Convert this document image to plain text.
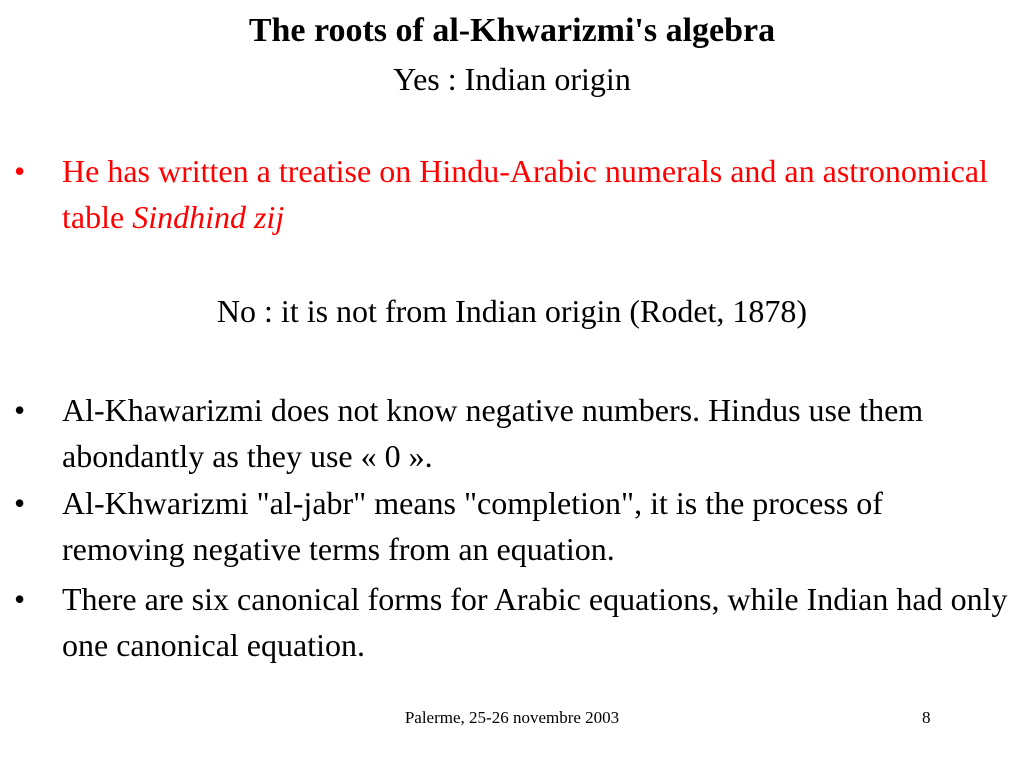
The roots of al-Khwarizmi's algebra
Yes : Indian origin
• He has written a treatise on Hindu-Arabic numerals and an astronomical table Sindhind zij
No : it is not from Indian origin (Rodet, 1878)
• Al-Khawarizmi does not know negative numbers. Hindus use them abondantly as they use « 0 ».
• Al-Khwarizmi "al-jabr" means "completion", it is the process of removing negative terms from an equation.
• There are six canonical forms for Arabic equations, while Indian had only one canonical equation.
Palerme, 25-26 novembre 2003	8
